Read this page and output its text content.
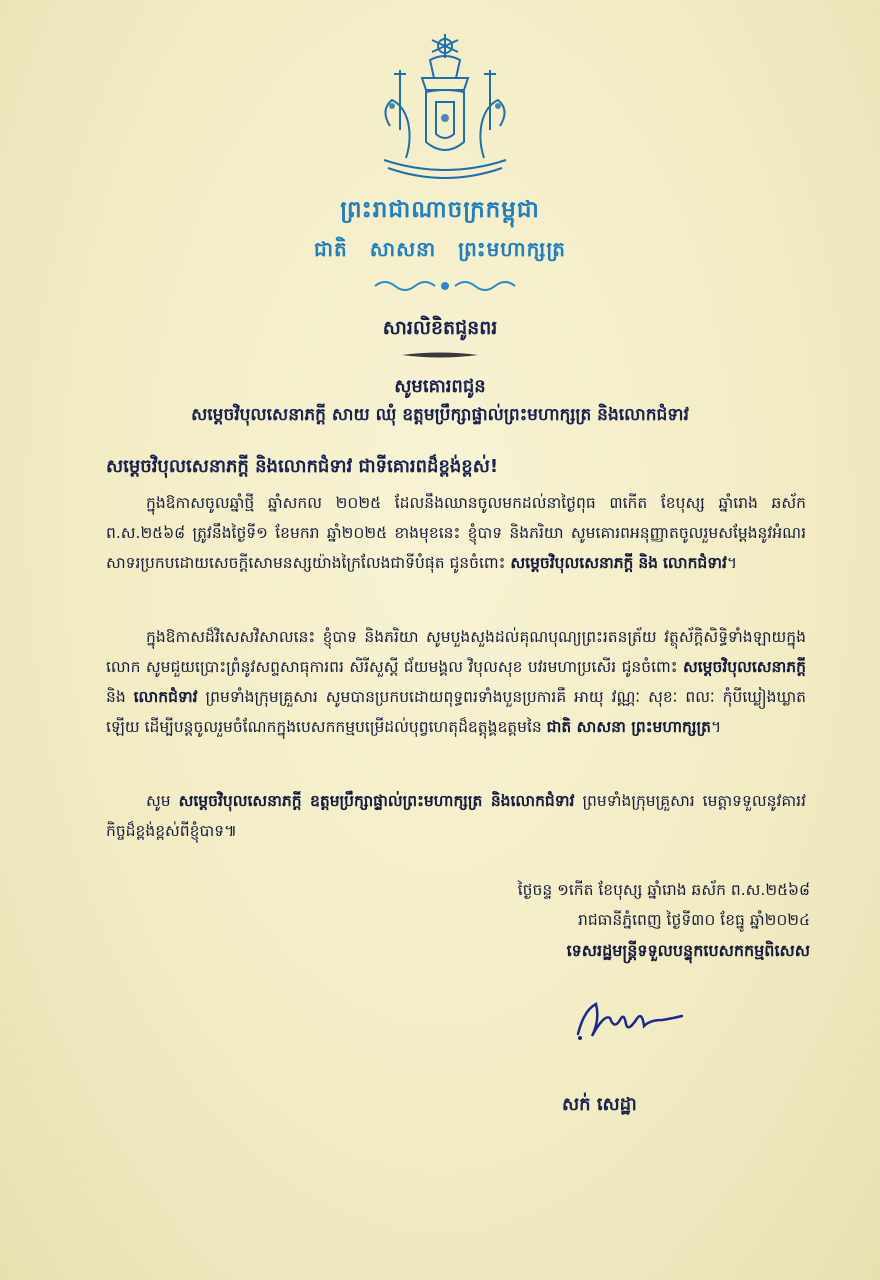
ព្រះរាជាណាចក្រកម្ពុជា
ជាតិ សាសនា ព្រះមហាក្សត្រ
សារលិខិតជូនពរ
សូមគោរពជូន
សម្តេចវិបុលសេនាភក្តី សាយ ឈុំ ឧត្តមប្រឹក្សាផ្ទាល់ព្រះមហាក្សត្រ និងលោកជំទាវ
សម្តេចវិបុលសេនាភក្តី និងលោកជំទាវ ជាទីគោរពដ៏ខ្ពង់ខ្ពស់!
ក្នុងឱកាសចូលឆ្នាំថ្មី ឆ្នាំសកល ២០២៥ ដែលនឹងឈានចូលមកដល់នាថ្ងៃពុធ ៣កើត ខែបុស្ស ឆ្នាំរោង ឆស័ក ព.ស.២៥៦៨ ត្រូវនឹងថ្ងៃទី១ ខែមករា ឆ្នាំ២០២៥ ខាងមុខនេះ ខ្ញុំបាទ និងភរិយា សូមគោរពអនុញ្ញាតចូលរួមសម្តែងនូវអំណរសាទរប្រកបដោយសេចក្តីសោមនស្សយ៉ាងក្រៃលែងជាទីបំផុត ជូនចំពោះ សម្តេចវិបុលសេនាភក្តី និង លោកជំទាវ។
ក្នុងឱកាសដ៏វិសេសវិសាលនេះ ខ្ញុំបាទ និងភរិយា សូមបួងសួងដល់គុណបុណ្យព្រះរតនត្រ័យ វត្ថុស័ក្តិសិទ្ធិទាំងឡាយក្នុងលោក សូមជួយប្រោះព្រំនូវសព្ទសាធុការពរ សិរីសួស្តី ជ័យមង្គល វិបុលសុខ បវរមហាប្រសើរ ជូនចំពោះ សម្តេចវិបុលសេនាភក្តី និង លោកជំទាវ ព្រមទាំងក្រុមគ្រួសារ សូមបានប្រកបដោយពុទ្ធពរទាំងបួនប្រការគឺ អាយុ វណ្ណៈ សុខៈ ពលៈ កុំបីឃ្លៀងឃ្លាតឡើយ ដើម្បីបន្តចូលរួមចំណែកក្នុងបេសកកម្មបម្រើដល់បុព្វហេតុដ៏ឧត្តុង្គឧត្តមនៃ ជាតិ សាសនា ព្រះមហាក្សត្រ។
សូម សម្តេចវិបុលសេនាភក្តី ឧត្តមប្រឹក្សាផ្ទាល់ព្រះមហាក្សត្រ និងលោកជំទាវ ព្រមទាំងក្រុមគ្រួសារ មេត្តាទទួលនូវគារវកិច្ចដ៏ខ្ពង់ខ្ពស់ពីខ្ញុំបាទ៕
ថ្ងៃចន្ទ ១កើត ខែបុស្ស ឆ្នាំរោង ឆស័ក ព.ស.២៥៦៨
រាជធានីភ្នំពេញ ថ្ងៃទី៣០ ខែធ្នូ ឆ្នាំ២០២៤
ទេសរដ្ឋមន្ត្រីទទួលបន្ទុកបេសកកម្មពិសេស
សក់ សេដ្ឋា
